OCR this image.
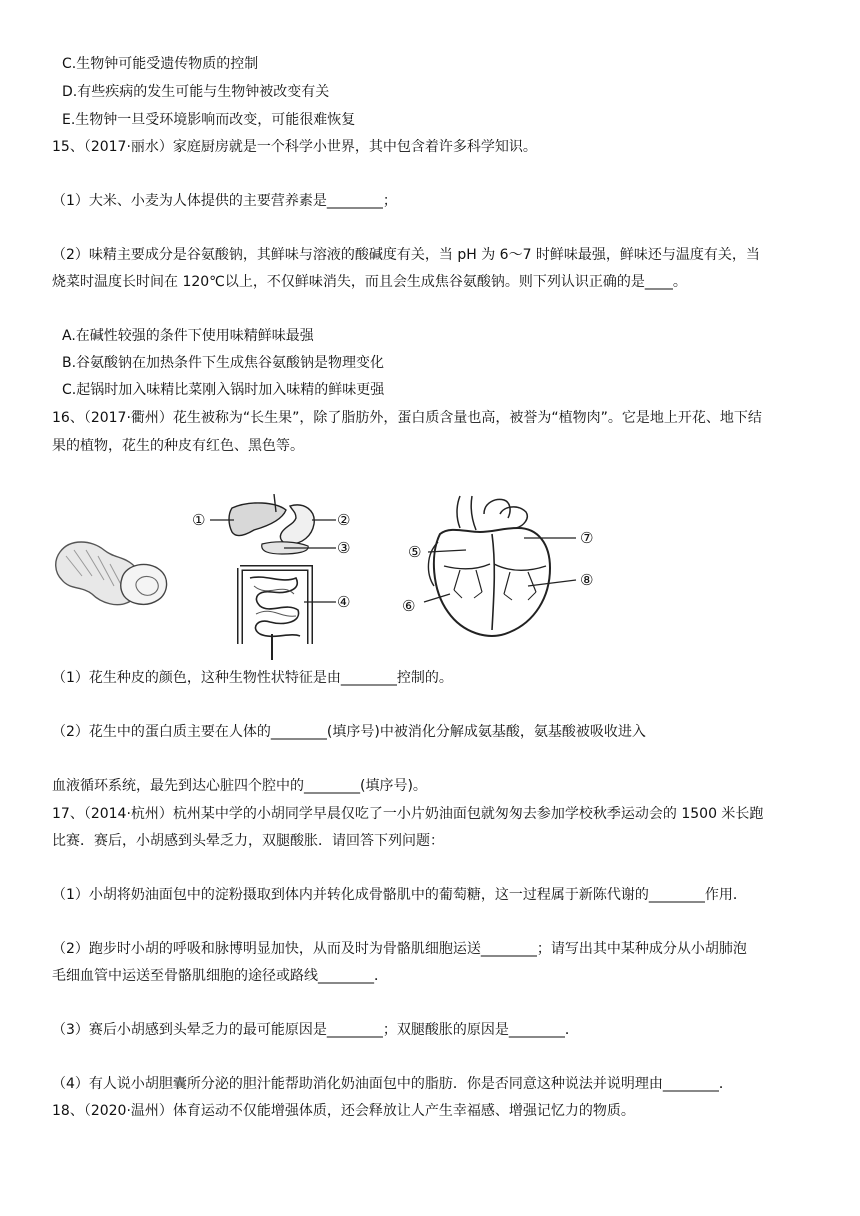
C.生物钟可能受遗传物质的控制
D.有些疾病的发生可能与生物钟被改变有关
E.生物钟一旦受环境影响而改变，可能很难恢复
15、（2017·丽水）家庭厨房就是一个科学小世界，其中包含着许多科学知识。
（1）大米、小麦为人体提供的主要营养素是________；
（2）味精主要成分是谷氨酸钠，其鲜味与溶液的酸碱度有关，当 pH 为 6～7 时鲜味最强，鲜味还与温度有关，当
烧菜时温度长时间在 120℃以上，不仅鲜味消失，而且会生成焦谷氨酸钠。则下列认识正确的是____。
A.在碱性较强的条件下使用味精鲜味最强
B.谷氨酸钠在加热条件下生成焦谷氨酸钠是物理变化
C.起锅时加入味精比菜刚入锅时加入味精的鲜味更强
16、（2017·衢州）花生被称为“长生果”，除了脂肪外，蛋白质含量也高，被誉为“植物肉”。它是地上开花、地下结
果的植物，花生的种皮有红色、黑色等。
①	②
③
④
⑤
⑦
⑧
⑥
（1）花生种皮的颜色，这种生物性状特征是由________控制的。
（2）花生中的蛋白质主要在人体的________(填序号)中被消化分解成氨基酸，氨基酸被吸收进入
血液循环系统，最先到达心脏四个腔中的________(填序号)。
17、（2014·杭州）杭州某中学的小胡同学早晨仅吃了一小片奶油面包就匆匆去参加学校秋季运动会的 1500 米长跑
比赛．赛后，小胡感到头晕乏力，双腿酸胀．请回答下列问题：
（1）小胡将奶油面包中的淀粉摄取到体内并转化成骨骼肌中的葡萄糖，这一过程属于新陈代谢的________作用．
（2）跑步时小胡的呼吸和脉博明显加快，从而及时为骨骼肌细胞运送________；请写出其中某种成分从小胡肺泡
毛细血管中运送至骨骼肌细胞的途径或路线________．
（3）赛后小胡感到头晕乏力的最可能原因是________；双腿酸胀的原因是________．
（4）有人说小胡胆囊所分泌的胆汁能帮助消化奶油面包中的脂肪．你是否同意这种说法并说明理由________．
18、（2020·温州）体育运动不仅能增强体质，还会释放让人产生幸福感、增强记忆力的物质。
